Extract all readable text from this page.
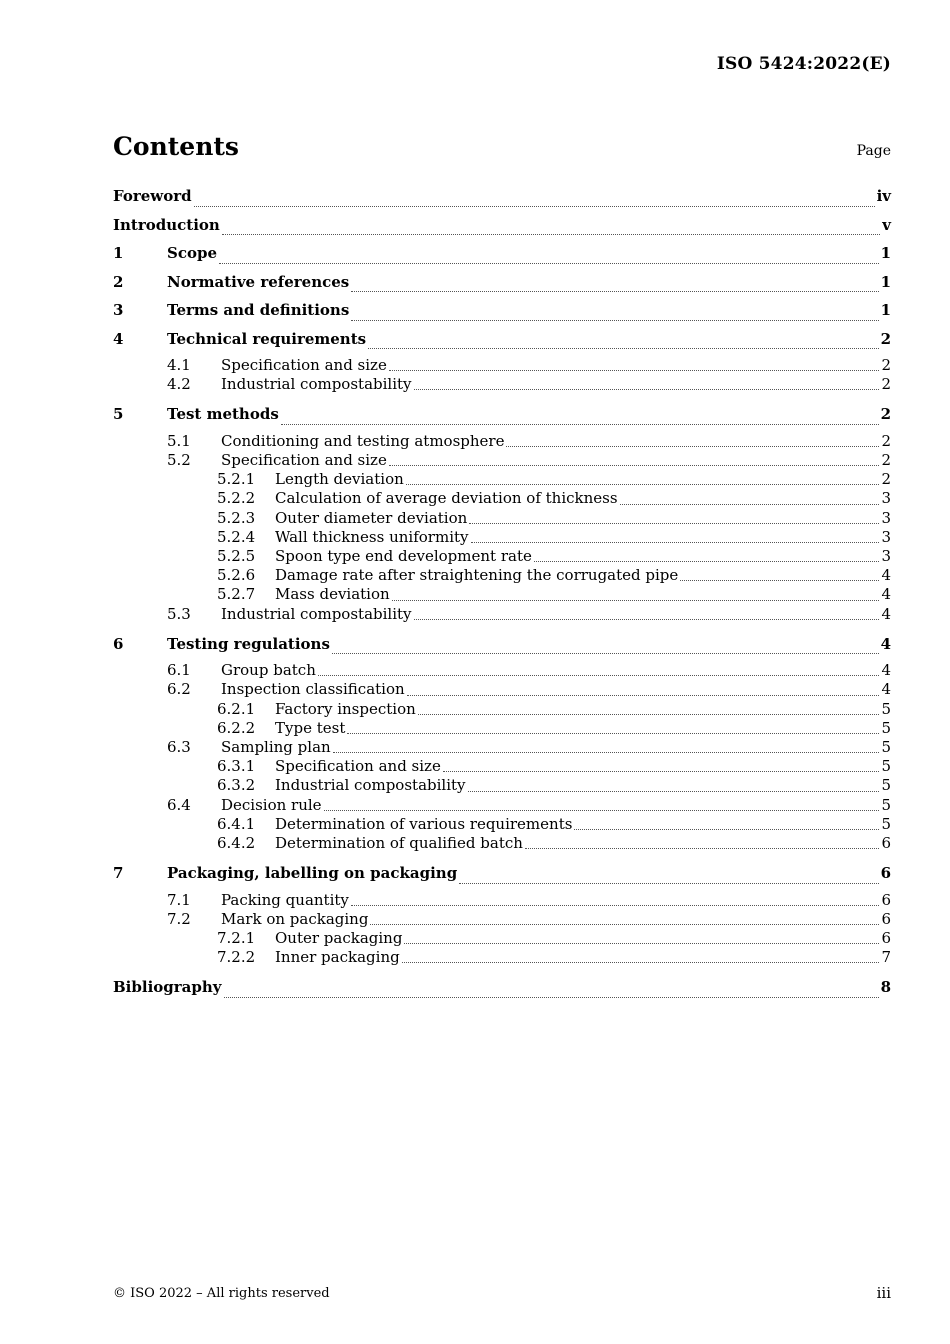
ISO 5424:2022(E)
Contents	Page
Foreword	iv
Introduction	v
1	Scope	1
2	Normative references	1
3	Terms and definitions	1
4	Technical requirements	2
4.1	Specification and size	2
4.2	Industrial compostability	2
5	Test methods	2
5.1	Conditioning and testing atmosphere	2
5.2	Specification and size	2
5.2.1	Length deviation	2
5.2.2	Calculation of average deviation of thickness	3
5.2.3	Outer diameter deviation	3
5.2.4	Wall thickness uniformity	3
5.2.5	Spoon type end development rate	3
5.2.6	Damage rate after straightening the corrugated pipe	4
5.2.7	Mass deviation	4
5.3	Industrial compostability	4
6	Testing regulations	4
6.1	Group batch	4
6.2	Inspection classification	4
6.2.1	Factory inspection	5
6.2.2	Type test	5
6.3	Sampling plan	5
6.3.1	Specification and size	5
6.3.2	Industrial compostability	5
6.4	Decision rule	5
6.4.1	Determination of various requirements	5
6.4.2	Determination of qualified batch	6
7	Packaging, labelling on packaging	6
7.1	Packing quantity	6
7.2	Mark on packaging	6
7.2.1	Outer packaging	6
7.2.2	Inner packaging	7
Bibliography	8
© ISO 2022 – All rights reserved	iii
